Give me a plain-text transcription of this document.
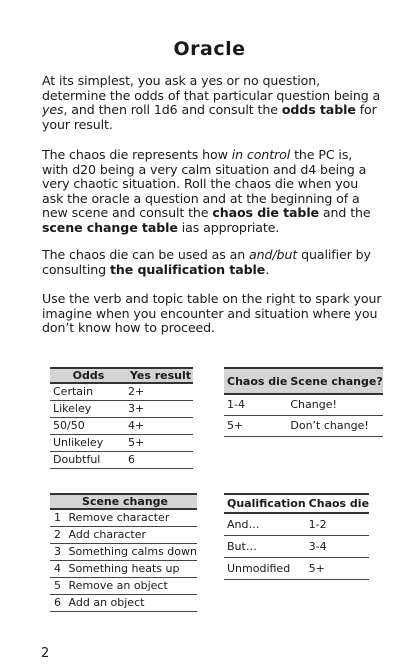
Oracle

At its simplest, you ask a yes or no question, determine the odds of that particular question being a yes, and then roll 1d6 and consult the odds table for your result.

The chaos die represents how in control the PC is, with d20 being a very calm situation and d4 being a very chaotic situation. Roll the chaos die when you ask the oracle a question and at the beginning of a new scene and consult the chaos die table and the scene change table ias appropriate.

The chaos die can be used as an and/but qualifier by consulting the qualification table.

Use the verb and topic table on the right to spark your imagine when you encounter and situation where you don’t know how to proceed.

Odds	Yes result
Certain	2+
Likeley	3+
50/50	4+
Unlikeley	5+
Doubtful	6
Chaos die	Scene change?
1-4	Change!
5+	Don’t change!
Scene change	
1	Remove character
2	Add character
3	Something calms down
4	Something heats up
5	Remove an object
6	Add an object
Qualification	Chaos die
And…	1-2
But…	3-4
Unmodified	5+
2
